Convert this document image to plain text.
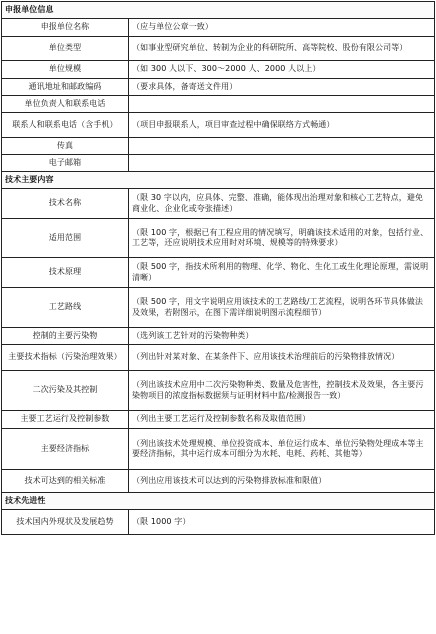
申报单位信息	
申报单位名称	（应与单位公章一致）

单位类型	（如事业型研究单位、转制为企业的科研院所、高等院校、股份有限公司等）

单位规模	（如 300 人以下、300～2000 人、2000 人以上）

通讯地址和邮政编码	（要求具体，备寄送文件用）

单位负责人和联系电话	

联系人和联系电话（含手机）	（项目申报联系人，项目审查过程中确保联络方式畅通）

传真	

电子邮箱	

技术主要内容	
技术名称	（限 30 字以内，应具体、完整、准确，能体现出治理对象和核心工艺特点，避免商业化、企业化或夸张描述）

适用范围	（限 100 字，根据已有工程应用的情况填写，明确该技术适用的对象，包括行业、工艺等，还应说明技术应用时对环境、规模等的特殊要求）

技术原理	（限 500 字，指技术所利用的物理、化学、物化、生化工或生化理论原理，需说明清晰）

工艺路线	（限 500 字，用文字说明应用该技术的工艺路线/工艺流程，说明各环节具体做法及效果，若附图示，在图下需详细说明图示流程细节）

控制的主要污染物	（选列该工艺针对的污染物种类）

主要技术指标（污染治理效果）	（列出针对某对象、在某条件下、应用该技术治理前后的污染物排放情况）

二次污染及其控制	（列出该技术应用中二次污染物种类、数量及危害性，控制技术及效果，各主要污染物项目的浓度指标数据须与证明材料中监/检测报告一致）

主要工艺运行及控制参数	（列出主要工艺运行及控制参数名称及取值范围）

主要经济指标	（列出该技术处理规模、单位投资成本、单位运行成本、单位污染物处理成本等主要经济指标，其中运行成本可细分为水耗、电耗、药耗、其他等）

技术可达到的相关标准	（列出应用该技术可以达到的污染物排放标准和限值）

技术先进性	
技术国内外现状及发展趋势	（限 1000 字）
